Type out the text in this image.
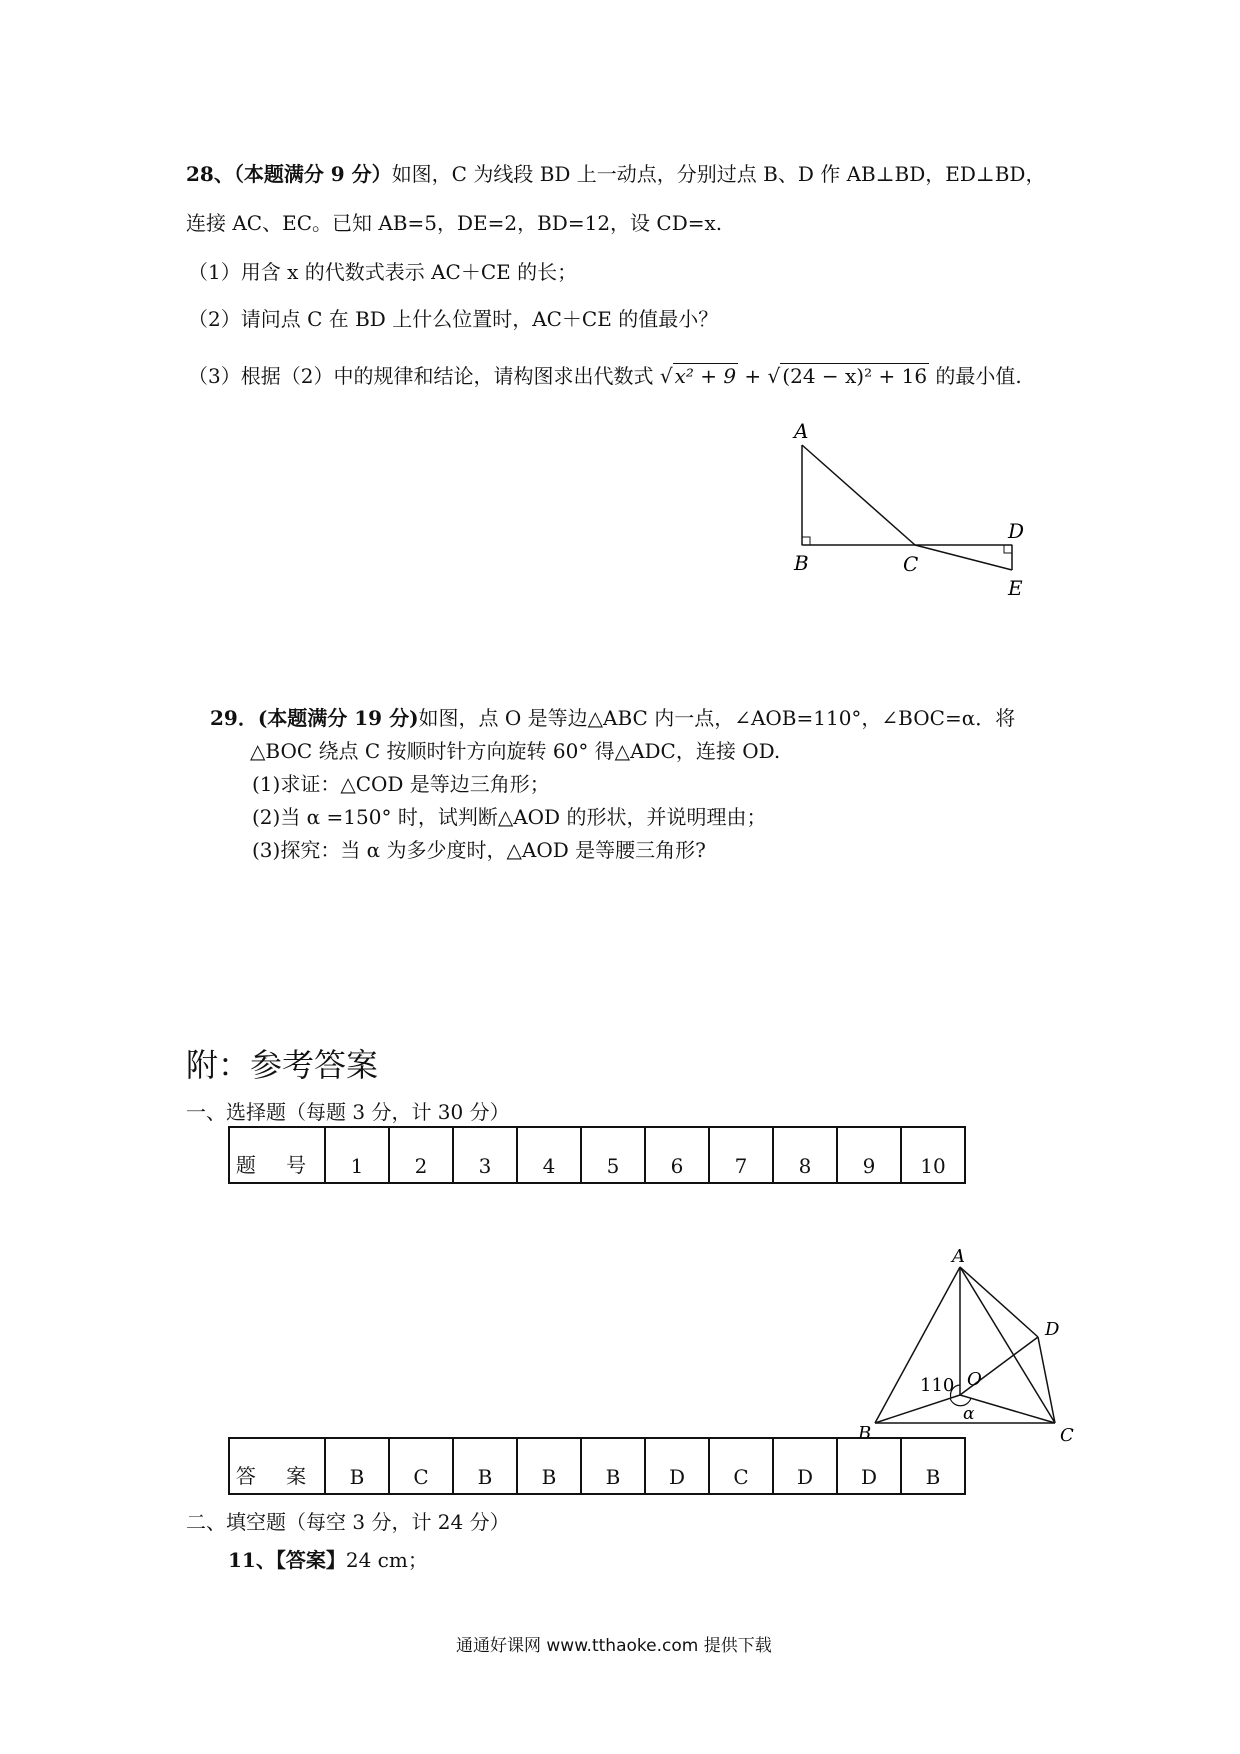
28、（本题满分 9 分）如图，C 为线段 BD 上一动点，分别过点 B、D 作 AB⊥BD，ED⊥BD，
连接 AC、EC。已知 AB=5，DE=2，BD=12，设 CD=x.
（1）用含 x 的代数式表示 AC＋CE 的长；
（2）请问点 C 在 BD 上什么位置时，AC＋CE 的值最小？
（3）根据（2）中的规律和结论，请构图求出代数式 √ x² + 9 + √ (24 − x)² + 16 的最小值.
A
B	C
D
E
29．(本题满分 19 分)如图，点 O 是等边△ABC 内一点，∠AOB=110°，∠BOC=α．将
△BOC 绕点 C 按顺时针方向旋转 60° 得△ADC，连接 OD.
(1)求证：△COD 是等边三角形；
(2)当 α =150° 时，试判断△AOD 的形状，并说明理由；
(3)探究：当 α 为多少度时，△AOD 是等腰三角形?
附：参考答案
一、选择题（每题 3 分，计 30 分）
题 号	1	2	3	4	5	6	7	8	9	10
A
B	C
D
O
110
α
答 案	B	C	B	B	B	D	C	D	D	B
二、填空题（每空 3 分，计 24 分）
11、【答案】24 cm；
通通好课网 www.tthaoke.com 提供下载
